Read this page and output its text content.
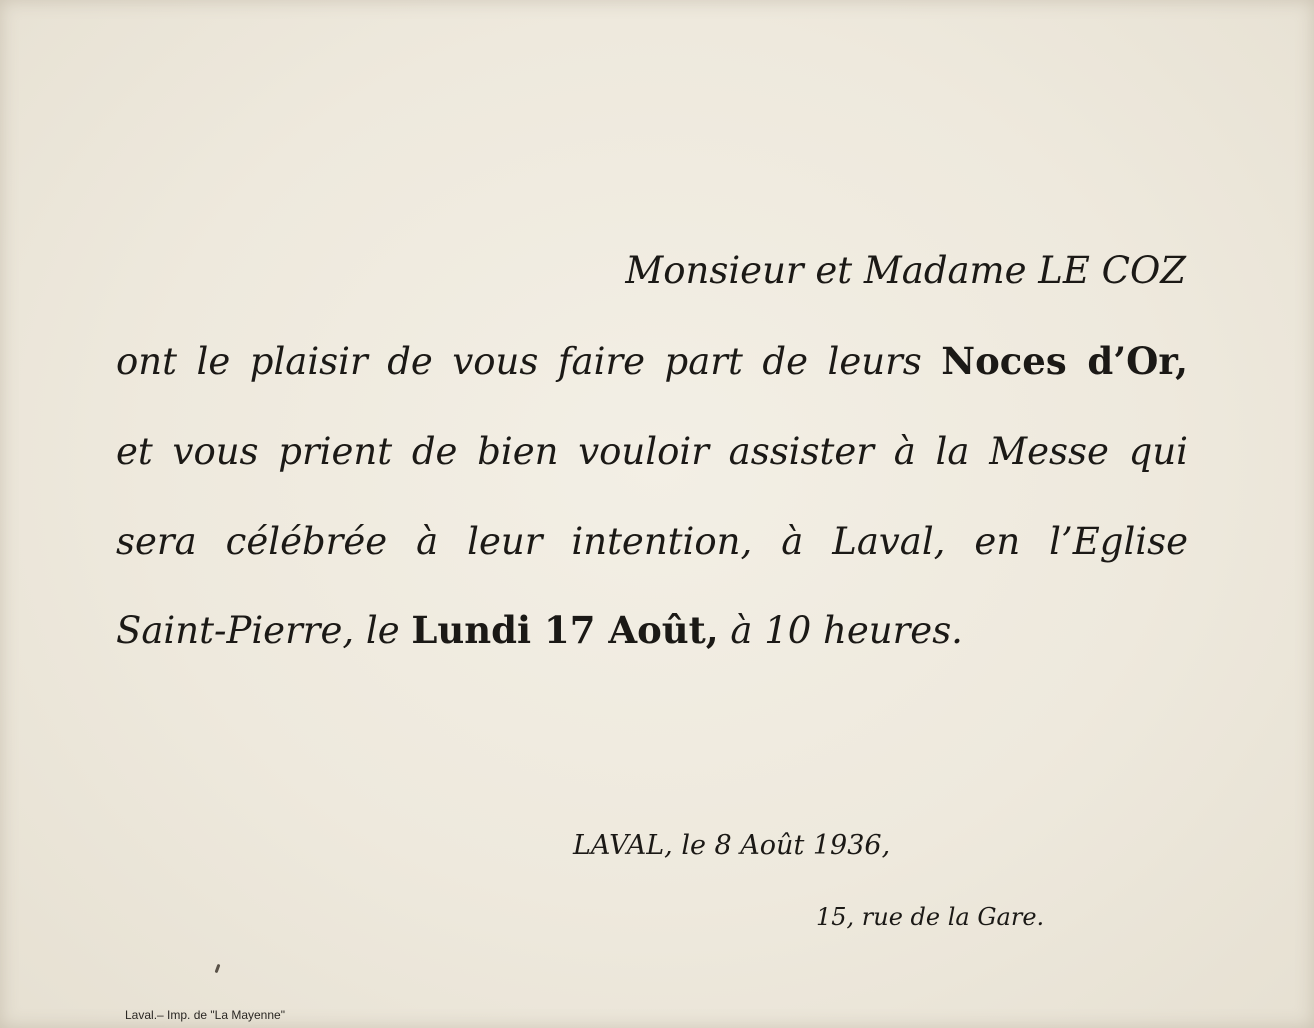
Monsieur et Madame LE COZ
ont le plaisir de vous faire part de leurs Noces d’Or,
et vous prient de bien vouloir assister à la Messe qui
sera célébrée à leur intention, à Laval, en l’Eglise
Saint-Pierre, le Lundi 17 Août, à 10 heures.
LAVAL, le 8 Août 1936,
15, rue de la Gare.
Laval.– Imp. de "La Mayenne"
